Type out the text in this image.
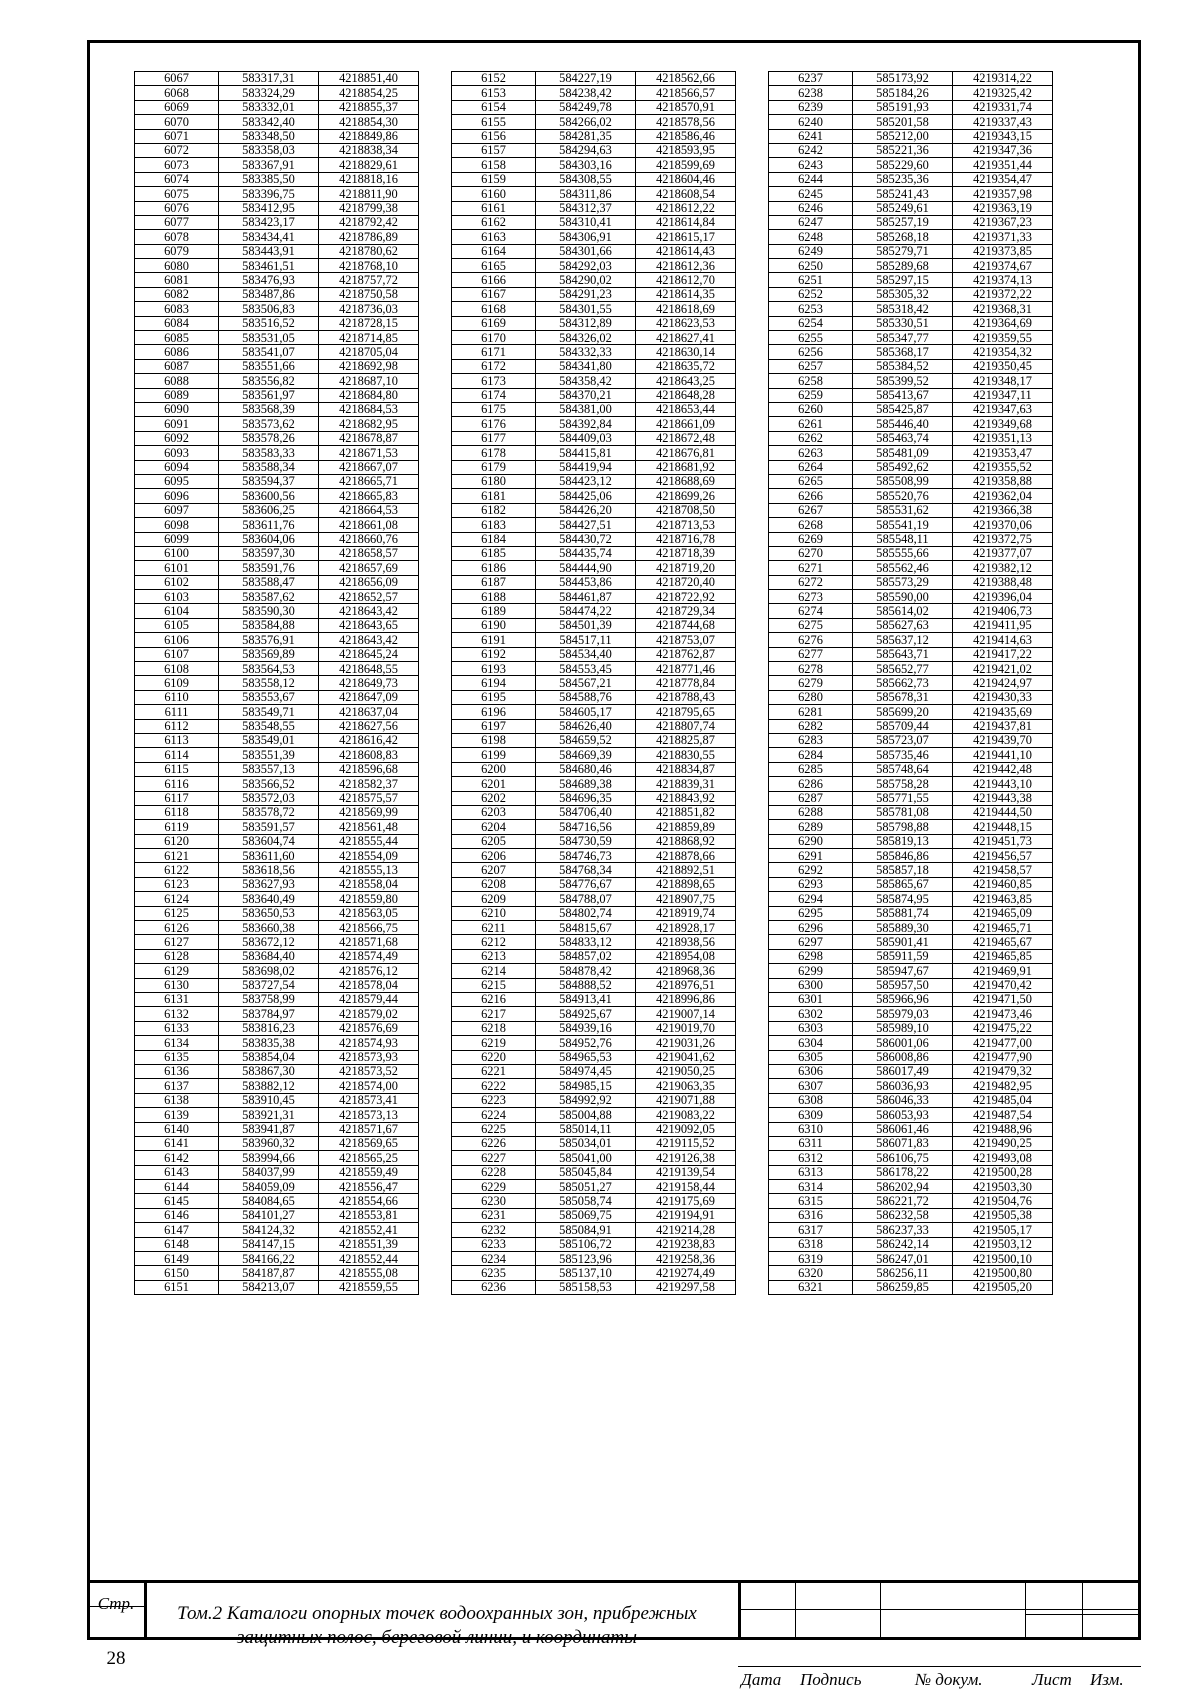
6067	583317,31	4218851,40
6068	583324,29	4218854,25
6069	583332,01	4218855,37
6070	583342,40	4218854,30
6071	583348,50	4218849,86
6072	583358,03	4218838,34
6073	583367,91	4218829,61
6074	583385,50	4218818,16
6075	583396,75	4218811,90
6076	583412,95	4218799,38
6077	583423,17	4218792,42
6078	583434,41	4218786,89
6079	583443,91	4218780,62
6080	583461,51	4218768,10
6081	583476,93	4218757,72
6082	583487,86	4218750,58
6083	583506,83	4218736,03
6084	583516,52	4218728,15
6085	583531,05	4218714,85
6086	583541,07	4218705,04
6087	583551,66	4218692,98
6088	583556,82	4218687,10
6089	583561,97	4218684,80
6090	583568,39	4218684,53
6091	583573,62	4218682,95
6092	583578,26	4218678,87
6093	583583,33	4218671,53
6094	583588,34	4218667,07
6095	583594,37	4218665,71
6096	583600,56	4218665,83
6097	583606,25	4218664,53
6098	583611,76	4218661,08
6099	583604,06	4218660,76
6100	583597,30	4218658,57
6101	583591,76	4218657,69
6102	583588,47	4218656,09
6103	583587,62	4218652,57
6104	583590,30	4218643,42
6105	583584,88	4218643,65
6106	583576,91	4218643,42
6107	583569,89	4218645,24
6108	583564,53	4218648,55
6109	583558,12	4218649,73
6110	583553,67	4218647,09
6111	583549,71	4218637,04
6112	583548,55	4218627,56
6113	583549,01	4218616,42
6114	583551,39	4218608,83
6115	583557,13	4218596,68
6116	583566,52	4218582,37
6117	583572,03	4218575,57
6118	583578,72	4218569,99
6119	583591,57	4218561,48
6120	583604,74	4218555,44
6121	583611,60	4218554,09
6122	583618,56	4218555,13
6123	583627,93	4218558,04
6124	583640,49	4218559,80
6125	583650,53	4218563,05
6126	583660,38	4218566,75
6127	583672,12	4218571,68
6128	583684,40	4218574,49
6129	583698,02	4218576,12
6130	583727,54	4218578,04
6131	583758,99	4218579,44
6132	583784,97	4218579,02
6133	583816,23	4218576,69
6134	583835,38	4218574,93
6135	583854,04	4218573,93
6136	583867,30	4218573,52
6137	583882,12	4218574,00
6138	583910,45	4218573,41
6139	583921,31	4218573,13
6140	583941,87	4218571,67
6141	583960,32	4218569,65
6142	583994,66	4218565,25
6143	584037,99	4218559,49
6144	584059,09	4218556,47
6145	584084,65	4218554,66
6146	584101,27	4218553,81
6147	584124,32	4218552,41
6148	584147,15	4218551,39
6149	584166,22	4218552,44
6150	584187,87	4218555,08
6151	584213,07	4218559,55
6152	584227,19	4218562,66
6153	584238,42	4218566,57
6154	584249,78	4218570,91
6155	584266,02	4218578,56
6156	584281,35	4218586,46
6157	584294,63	4218593,95
6158	584303,16	4218599,69
6159	584308,55	4218604,46
6160	584311,86	4218608,54
6161	584312,37	4218612,22
6162	584310,41	4218614,84
6163	584306,91	4218615,17
6164	584301,66	4218614,43
6165	584292,03	4218612,36
6166	584290,02	4218612,70
6167	584291,23	4218614,35
6168	584301,55	4218618,69
6169	584312,89	4218623,53
6170	584326,02	4218627,41
6171	584332,33	4218630,14
6172	584341,80	4218635,72
6173	584358,42	4218643,25
6174	584370,21	4218648,28
6175	584381,00	4218653,44
6176	584392,84	4218661,09
6177	584409,03	4218672,48
6178	584415,81	4218676,81
6179	584419,94	4218681,92
6180	584423,12	4218688,69
6181	584425,06	4218699,26
6182	584426,20	4218708,50
6183	584427,51	4218713,53
6184	584430,72	4218716,78
6185	584435,74	4218718,39
6186	584444,90	4218719,20
6187	584453,86	4218720,40
6188	584461,87	4218722,92
6189	584474,22	4218729,34
6190	584501,39	4218744,68
6191	584517,11	4218753,07
6192	584534,40	4218762,87
6193	584553,45	4218771,46
6194	584567,21	4218778,84
6195	584588,76	4218788,43
6196	584605,17	4218795,65
6197	584626,40	4218807,74
6198	584659,52	4218825,87
6199	584669,39	4218830,55
6200	584680,46	4218834,87
6201	584689,38	4218839,31
6202	584696,35	4218843,92
6203	584706,40	4218851,82
6204	584716,56	4218859,89
6205	584730,59	4218868,92
6206	584746,73	4218878,66
6207	584768,34	4218892,51
6208	584776,67	4218898,65
6209	584788,07	4218907,75
6210	584802,74	4218919,74
6211	584815,67	4218928,17
6212	584833,12	4218938,56
6213	584857,02	4218954,08
6214	584878,42	4218968,36
6215	584888,52	4218976,51
6216	584913,41	4218996,86
6217	584925,67	4219007,14
6218	584939,16	4219019,70
6219	584952,76	4219031,26
6220	584965,53	4219041,62
6221	584974,45	4219050,25
6222	584985,15	4219063,35
6223	584992,92	4219071,88
6224	585004,88	4219083,22
6225	585014,11	4219092,05
6226	585034,01	4219115,52
6227	585041,00	4219126,38
6228	585045,84	4219139,54
6229	585051,27	4219158,44
6230	585058,74	4219175,69
6231	585069,75	4219194,91
6232	585084,91	4219214,28
6233	585106,72	4219238,83
6234	585123,96	4219258,36
6235	585137,10	4219274,49
6236	585158,53	4219297,58
6237	585173,92	4219314,22
6238	585184,26	4219325,42
6239	585191,93	4219331,74
6240	585201,58	4219337,43
6241	585212,00	4219343,15
6242	585221,36	4219347,36
6243	585229,60	4219351,44
6244	585235,36	4219354,47
6245	585241,43	4219357,98
6246	585249,61	4219363,19
6247	585257,19	4219367,23
6248	585268,18	4219371,33
6249	585279,71	4219373,85
6250	585289,68	4219374,67
6251	585297,15	4219374,13
6252	585305,32	4219372,22
6253	585318,42	4219368,31
6254	585330,51	4219364,69
6255	585347,77	4219359,55
6256	585368,17	4219354,32
6257	585384,52	4219350,45
6258	585399,52	4219348,17
6259	585413,67	4219347,11
6260	585425,87	4219347,63
6261	585446,40	4219349,68
6262	585463,74	4219351,13
6263	585481,09	4219353,47
6264	585492,62	4219355,52
6265	585508,99	4219358,88
6266	585520,76	4219362,04
6267	585531,62	4219366,38
6268	585541,19	4219370,06
6269	585548,11	4219372,75
6270	585555,66	4219377,07
6271	585562,46	4219382,12
6272	585573,29	4219388,48
6273	585590,00	4219396,04
6274	585614,02	4219406,73
6275	585627,63	4219411,95
6276	585637,12	4219414,63
6277	585643,71	4219417,22
6278	585652,77	4219421,02
6279	585662,73	4219424,97
6280	585678,31	4219430,33
6281	585699,20	4219435,69
6282	585709,44	4219437,81
6283	585723,07	4219439,70
6284	585735,46	4219441,10
6285	585748,64	4219442,48
6286	585758,28	4219443,10
6287	585771,55	4219443,38
6288	585781,08	4219444,50
6289	585798,88	4219448,15
6290	585819,13	4219451,73
6291	585846,86	4219456,57
6292	585857,18	4219458,57
6293	585865,67	4219460,85
6294	585874,95	4219463,85
6295	585881,74	4219465,09
6296	585889,30	4219465,71
6297	585901,41	4219465,67
6298	585911,59	4219465,85
6299	585947,67	4219469,91
6300	585957,50	4219470,42
6301	585966,96	4219471,50
6302	585979,03	4219473,46
6303	585989,10	4219475,22
6304	586001,06	4219477,00
6305	586008,86	4219477,90
6306	586017,49	4219479,32
6307	586036,93	4219482,95
6308	586046,33	4219485,04
6309	586053,93	4219487,54
6310	586061,46	4219488,96
6311	586071,83	4219490,25
6312	586106,75	4219493,08
6313	586178,22	4219500,28
6314	586202,94	4219503,30
6315	586221,72	4219504,76
6316	586232,58	4219505,38
6317	586237,33	4219505,17
6318	586242,14	4219503,12
6319	586247,01	4219500,10
6320	586256,11	4219500,80
6321	586259,85	4219505,20
Стр.
28
Том.2 Каталоги опорных точек водоохранных зон, прибрежных защитных полос, береговой линии, и координаты
Дата Подпись	№ докум.	Лист Изм.
